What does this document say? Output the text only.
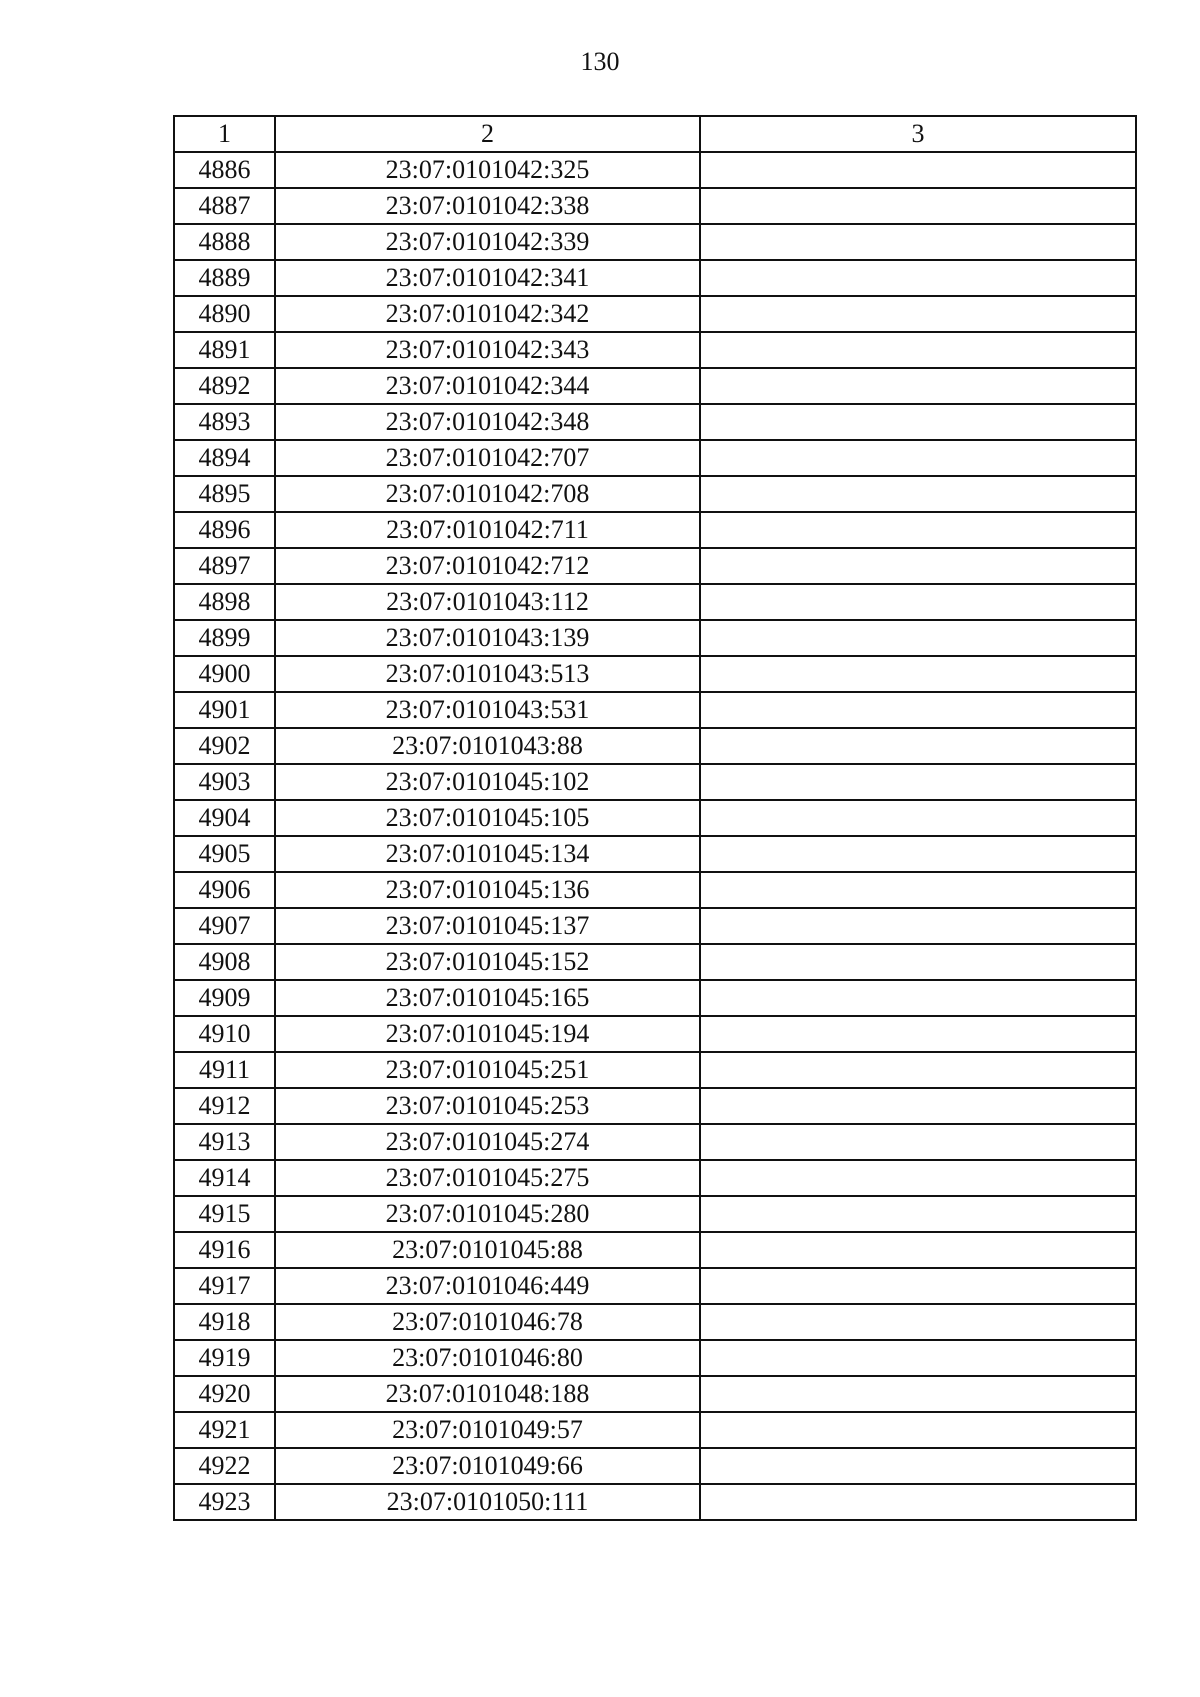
130
1	2	3
4886	23:07:0101042:325	
4887	23:07:0101042:338	
4888	23:07:0101042:339	
4889	23:07:0101042:341	
4890	23:07:0101042:342	
4891	23:07:0101042:343	
4892	23:07:0101042:344	
4893	23:07:0101042:348	
4894	23:07:0101042:707	
4895	23:07:0101042:708	
4896	23:07:0101042:711	
4897	23:07:0101042:712	
4898	23:07:0101043:112	
4899	23:07:0101043:139	
4900	23:07:0101043:513	
4901	23:07:0101043:531	
4902	23:07:0101043:88	
4903	23:07:0101045:102	
4904	23:07:0101045:105	
4905	23:07:0101045:134	
4906	23:07:0101045:136	
4907	23:07:0101045:137	
4908	23:07:0101045:152	
4909	23:07:0101045:165	
4910	23:07:0101045:194	
4911	23:07:0101045:251	
4912	23:07:0101045:253	
4913	23:07:0101045:274	
4914	23:07:0101045:275	
4915	23:07:0101045:280	
4916	23:07:0101045:88	
4917	23:07:0101046:449	
4918	23:07:0101046:78	
4919	23:07:0101046:80	
4920	23:07:0101048:188	
4921	23:07:0101049:57	
4922	23:07:0101049:66	
4923	23:07:0101050:111	
